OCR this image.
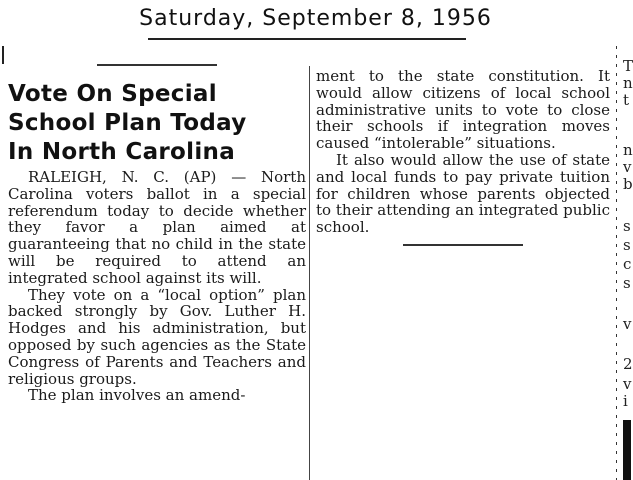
Saturday, September 8, 1956
Vote On Special
School Plan Today
In North Carolina

RALEIGH, N. C. (AP) — North Carolina voters ballot in a special referendum today to decide whether they favor a plan aimed at guaranteeing that no child in the state will be required to attend an integrated school against its will.

They vote on a “local option” plan backed strongly by Gov. Luther H. Hodges and his administration, but opposed by such agencies as the State Congress of Parents and Teachers and religious groups.

The plan involves an amend-

ment to the state constitution. It would allow citizens of local school administrative units to vote to close their schools if integration moves caused “intolerable” situations.

It also would allow the use of state and local funds to pay private tuition for children whose parents objected to their attending an integrated public school.

T
n
t
n
v
b
s
s
c
s
v
2
v
i
